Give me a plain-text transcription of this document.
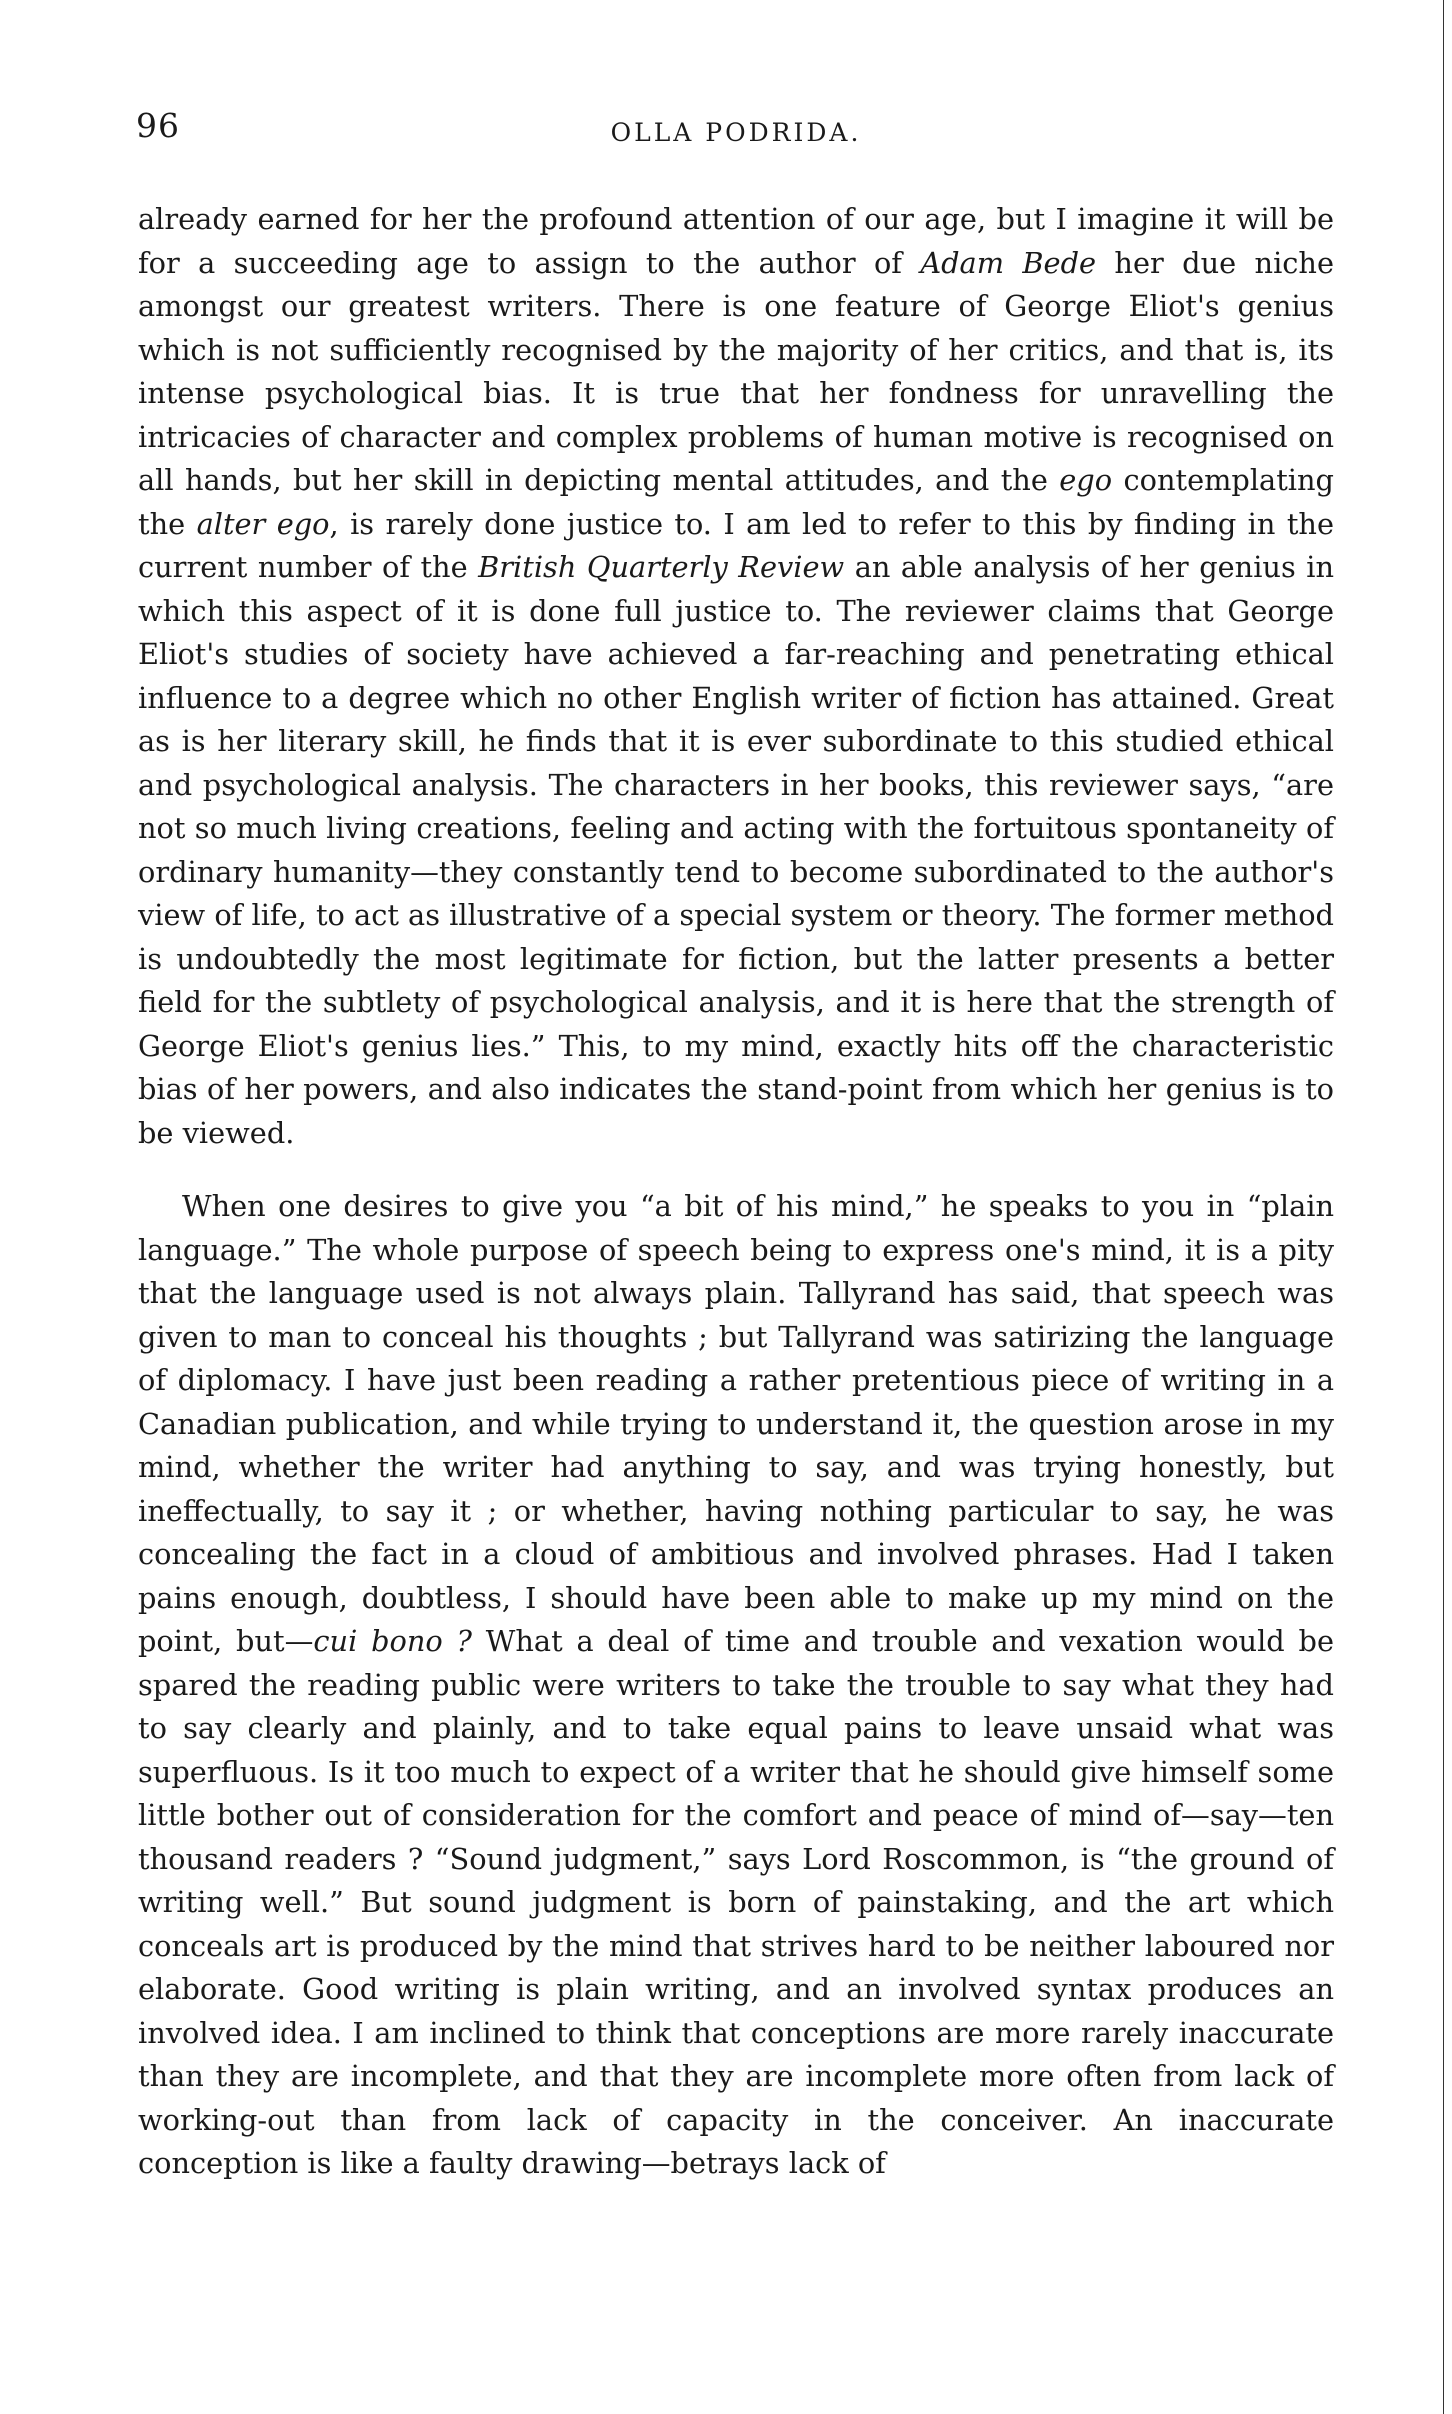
96	OLLA PODRIDA.

already earned for her the profound attention of our age, but I imagine it will be for a succeeding age to assign to the author of Adam Bede her due niche amongst our greatest writers. There is one feature of George Eliot's genius which is not sufficiently recognised by the majority of her critics, and that is, its intense psychological bias. It is true that her fondness for unravelling the intricacies of character and complex problems of human motive is recognised on all hands, but her skill in depicting mental attitudes, and the ego contemplating the alter ego, is rarely done justice to. I am led to refer to this by finding in the current number of the British Quarterly Review an able analysis of her genius in which this aspect of it is done full justice to. The reviewer claims that George Eliot's studies of society have achieved a far-reaching and penetrating ethical influence to a degree which no other English writer of fiction has attained. Great as is her literary skill, he finds that it is ever subordinate to this studied ethical and psychological analysis. The characters in her books, this reviewer says, “are not so much living creations, feeling and acting with the fortuitous spontaneity of ordinary humanity—they constantly tend to become subordinated to the author's view of life, to act as illustrative of a special system or theory. The former method is undoubtedly the most legitimate for fiction, but the latter presents a better field for the subtlety of psychological analysis, and it is here that the strength of George Eliot's genius lies.” This, to my mind, exactly hits off the characteristic bias of her powers, and also indicates the stand-point from which her genius is to be viewed.

When one desires to give you “a bit of his mind,” he speaks to you in “plain language.” The whole purpose of speech being to express one's mind, it is a pity that the language used is not always plain. Tallyrand has said, that speech was given to man to conceal his thoughts ; but Tallyrand was satirizing the language of diplomacy. I have just been reading a rather pretentious piece of writing in a Canadian publication, and while trying to understand it, the question arose in my mind, whether the writer had anything to say, and was trying honestly, but ineffectually, to say it ; or whether, having nothing particular to say, he was concealing the fact in a cloud of ambitious and involved phrases. Had I taken pains enough, doubtless, I should have been able to make up my mind on the point, but—cui bono ? What a deal of time and trouble and vexation would be spared the reading public were writers to take the trouble to say what they had to say clearly and plainly, and to take equal pains to leave unsaid what was superfluous. Is it too much to expect of a writer that he should give himself some little bother out of consideration for the comfort and peace of mind of—say—ten thousand readers ? “Sound judgment,” says Lord Roscommon, is “the ground of writing well.” But sound judgment is born of painstaking, and the art which conceals art is produced by the mind that strives hard to be neither laboured nor elaborate. Good writing is plain writing, and an involved syntax produces an involved idea. I am inclined to think that conceptions are more rarely inaccurate than they are incomplete, and that they are incomplete more often from lack of working-out than from lack of capacity in the conceiver. An inaccurate conception is like a faulty drawing—betrays lack of
